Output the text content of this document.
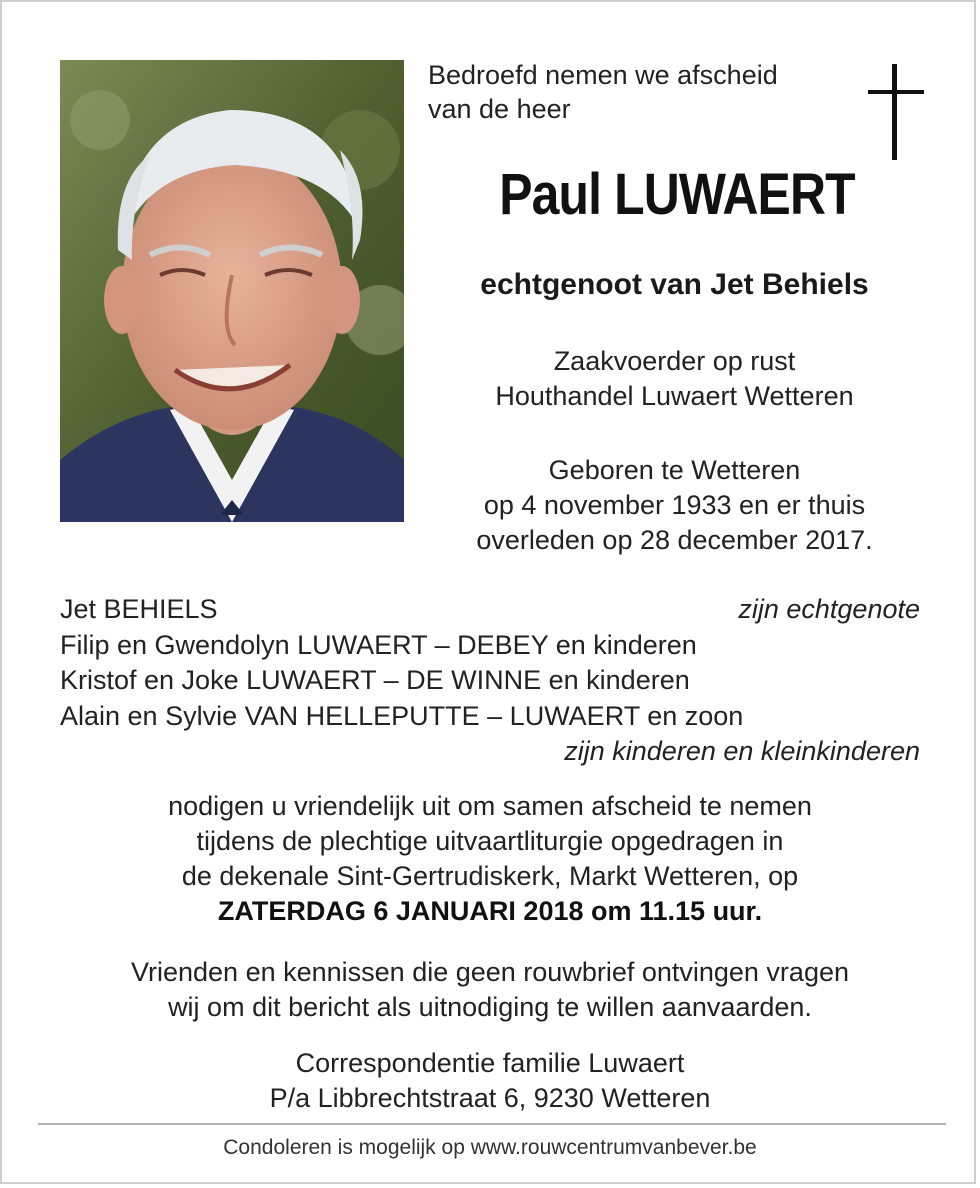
Bedroefd nemen we afscheid
van de heer
Paul LUWAERT
echtgenoot van Jet Behiels
Zaakvoerder op rust
Houthandel Luwaert Wetteren
Geboren te Wetteren
op 4 november 1933 en er thuis
overleden op 28 december 2017.
Jet BEHIELS	zijn echtgenote
Filip en Gwendolyn LUWAERT – DEBEY en kinderen
Kristof en Joke LUWAERT – DE WINNE en kinderen
Alain en Sylvie VAN HELLEPUTTE – LUWAERT en zoon
zijn kinderen en kleinkinderen
nodigen u vriendelijk uit om samen afscheid te nemen
tijdens de plechtige uitvaartliturgie opgedragen in
de dekenale Sint-Gertrudiskerk, Markt Wetteren, op
ZATERDAG 6 JANUARI 2018 om 11.15 uur.
Vrienden en kennissen die geen rouwbrief ontvingen vragen
wij om dit bericht als uitnodiging te willen aanvaarden.
Correspondentie familie Luwaert
P/a Libbrechtstraat 6, 9230 Wetteren
Condoleren is mogelijk op www.rouwcentrumvanbever.be
